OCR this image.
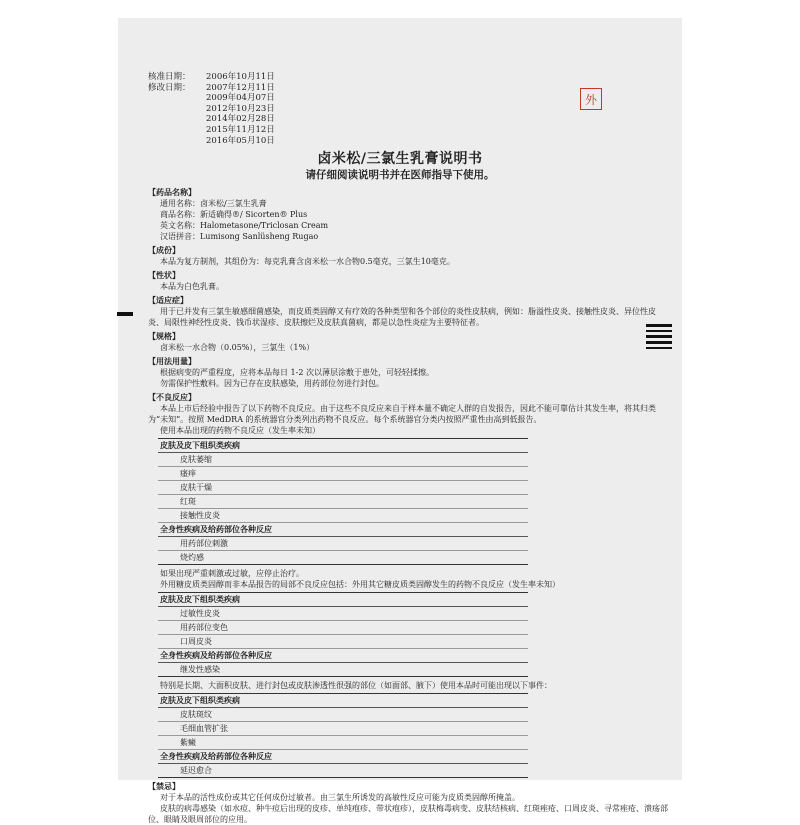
核准日期：	2006年10月11日
修改日期：	2007年12月11日
2009年04月07日
2012年10月23日
2014年02月28日
2015年11月12日
2016年05月10日
外
卤米松/三氯生乳膏说明书
请仔细阅读说明书并在医师指导下使用。
【药品名称】
通用名称：卤米松/三氯生乳膏
商品名称：新适确得®/ Sicorten® Plus
英文名称：Halometasone/Triclosan Cream
汉语拼音：Lumisong Sanlüsheng Rugao
【成份】
本品为复方制剂，其组份为：每克乳膏含卤米松一水合物0.5毫克，三氯生10毫克。
【性状】
本品为白色乳膏。
【适应症】
用于已并发有三氯生敏感细菌感染，而皮质类固醇又有疗效的各种类型和各个部位的炎性皮肤病，例如：脂溢性皮炎、接触性皮炎、异位性皮炎、局限性神经性皮炎、钱币状湿疹、皮肤擦烂及皮肤真菌病，都是以急性炎症为主要特征者。
【规格】
卤米松一水合物（0.05%），三氯生（1%）
【用法用量】
根据病变的严重程度，应将本品每日 1-2 次以薄层涂敷于患处，可轻轻揉擦。
勿需保护性敷料。因为已存在皮肤感染，用药部位勿进行封包。
【不良反应】
本品上市后经验中报告了以下药物不良反应。由于这些不良反应来自于样本量不确定人群的自发报告，因此不能可靠估计其发生率，将其归类为“未知”。按照 MedDRA 的系统器官分类列出药物不良反应。每个系统器官分类内按照严重性由高到低报告。
使用本品出现的药物不良反应（发生率未知）
皮肤及皮下组织类疾病
皮肤萎缩
瘙痒
皮肤干燥
红斑
接触性皮炎
全身性疾病及给药部位各种反应
用药部位刺激
烧灼感
如果出现严重刺激或过敏，应停止治疗。
外用糖皮质类固醇而非本品报告的局部不良反应包括：外用其它糖皮质类固醇发生的药物不良反应（发生率未知）
皮肤及皮下组织类疾病
过敏性皮炎
用药部位变色
口周皮炎
全身性疾病及给药部位各种反应
继发性感染
特别是长期、大面积皮肤、进行封包或皮肤渗透性很强的部位（如面部、腋下）使用本品时可能出现以下事件：
皮肤及皮下组织类疾病
皮肤斑纹
毛细血管扩张
紫癜
全身性疾病及给药部位各种反应
延迟愈合
【禁忌】
对于本品的活性成份或其它任何成份过敏者。由三氯生所诱发的高敏性反应可能为皮质类固醇所掩盖。
皮肤的病毒感染（如水痘、种牛痘后出现的皮疹、单纯疱疹、带状疱疹），皮肤梅毒病变、皮肤结核病、红斑痤疮、口周皮炎、寻常痤疮、溃疡部位、眼睛及眼周部位的应用。
